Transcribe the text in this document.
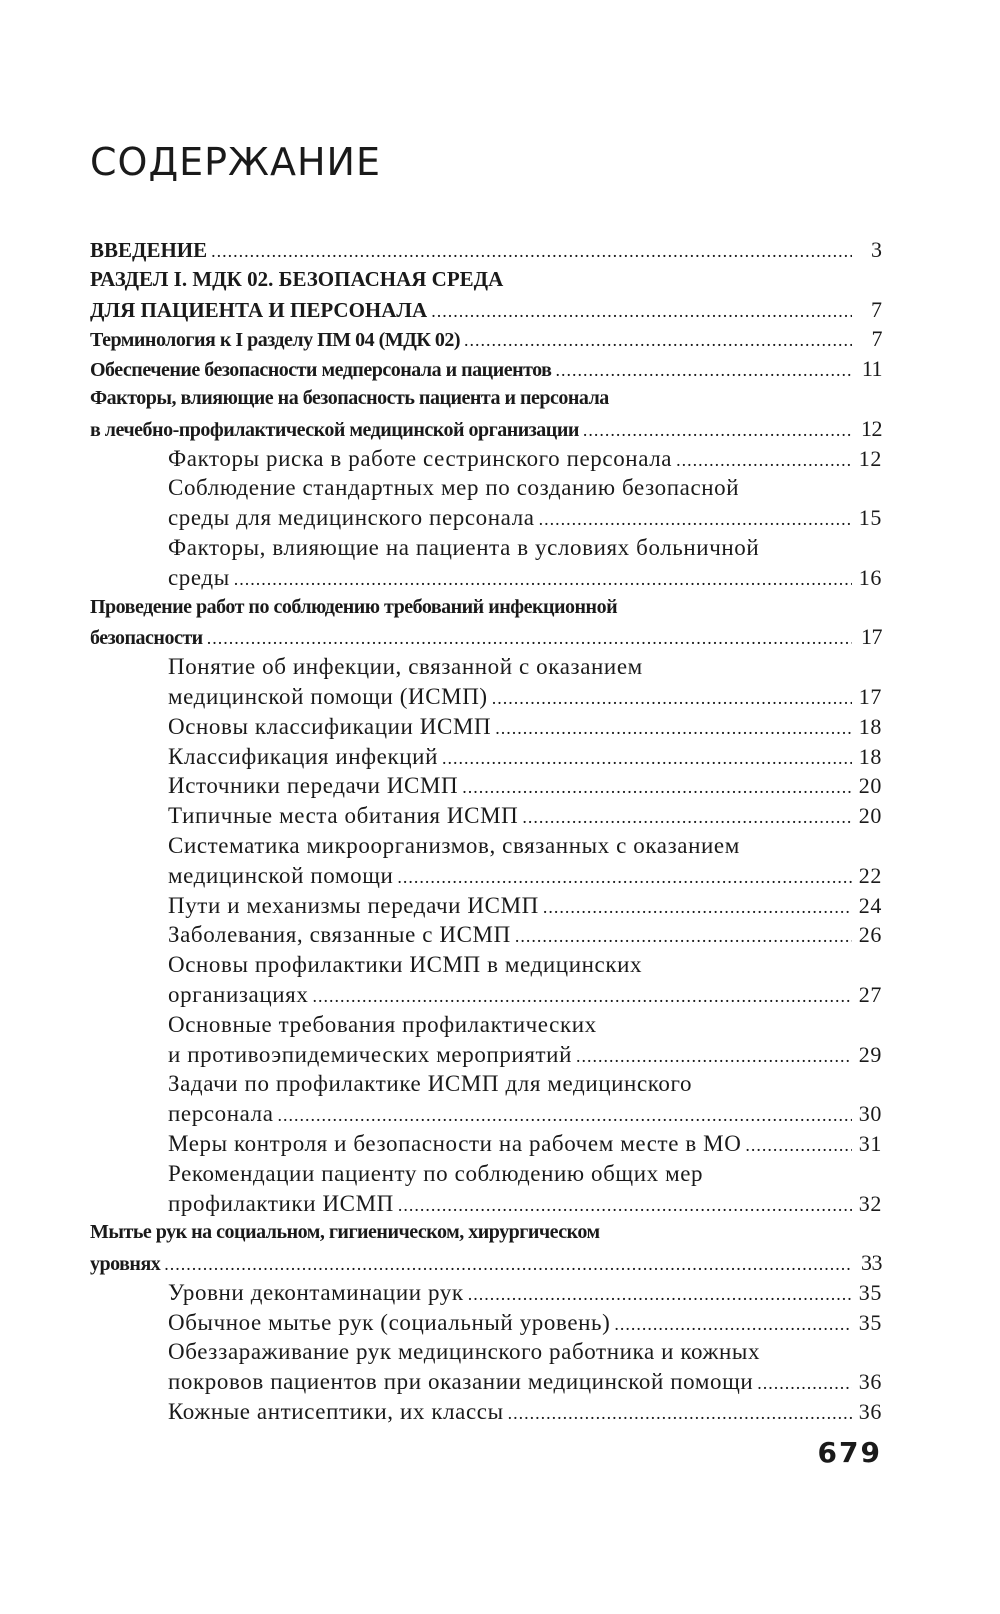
СОДЕРЖАНИЕ
ВВЕДЕНИЕ .....	3
РАЗДЕЛ I. МДК 02. БЕЗОПАСНАЯ СРЕДА
ДЛЯ ПАЦИЕНТА И ПЕРСОНАЛА .....	7
Терминология к I разделу ПМ 04 (МДК 02) .....	7
Обеспечение безопасности медперсонала и пациентов .....	11
Факторы, влияющие на безопасность пациента и персонала
в лечебно-профилактической медицинской организации .....	12
Факторы риска в работе сестринского персонала .....	12
Соблюдение стандартных мер по созданию безопасной
среды для медицинского персонала .....	15
Факторы, влияющие на пациента в условиях больничной
среды .....	16
Проведение работ по соблюдению требований инфекционной
безопасности .....	17
Понятие об инфекции, связанной с оказанием
медицинской помощи (ИСМП) .....	17
Основы классификации ИСМП .....	18
Классификация инфекций .....	18
Источники передачи ИСМП .....	20
Типичные места обитания ИСМП .....	20
Систематика микроорганизмов, связанных с оказанием
медицинской помощи .....	22
Пути и механизмы передачи ИСМП .....	24
Заболевания, связанные с ИСМП .....	26
Основы профилактики ИСМП в медицинских
организациях .....	27
Основные требования профилактических
и противоэпидемических мероприятий .....	29
Задачи по профилактике ИСМП для медицинского
персонала .....	30
Меры контроля и безопасности на рабочем месте в МО .....	31
Рекомендации пациенту по соблюдению общих мер
профилактики ИСМП .....	32
Мытье рук на социальном, гигиеническом, хирургическом
уровнях .....	33
Уровни деконтаминации рук .....	35
Обычное мытье рук (социальный уровень) .....	35
Обеззараживание рук медицинского работника и кожных
покровов пациентов при оказании медицинской помощи .....	36
Кожные антисептики, их классы .....	36
679
